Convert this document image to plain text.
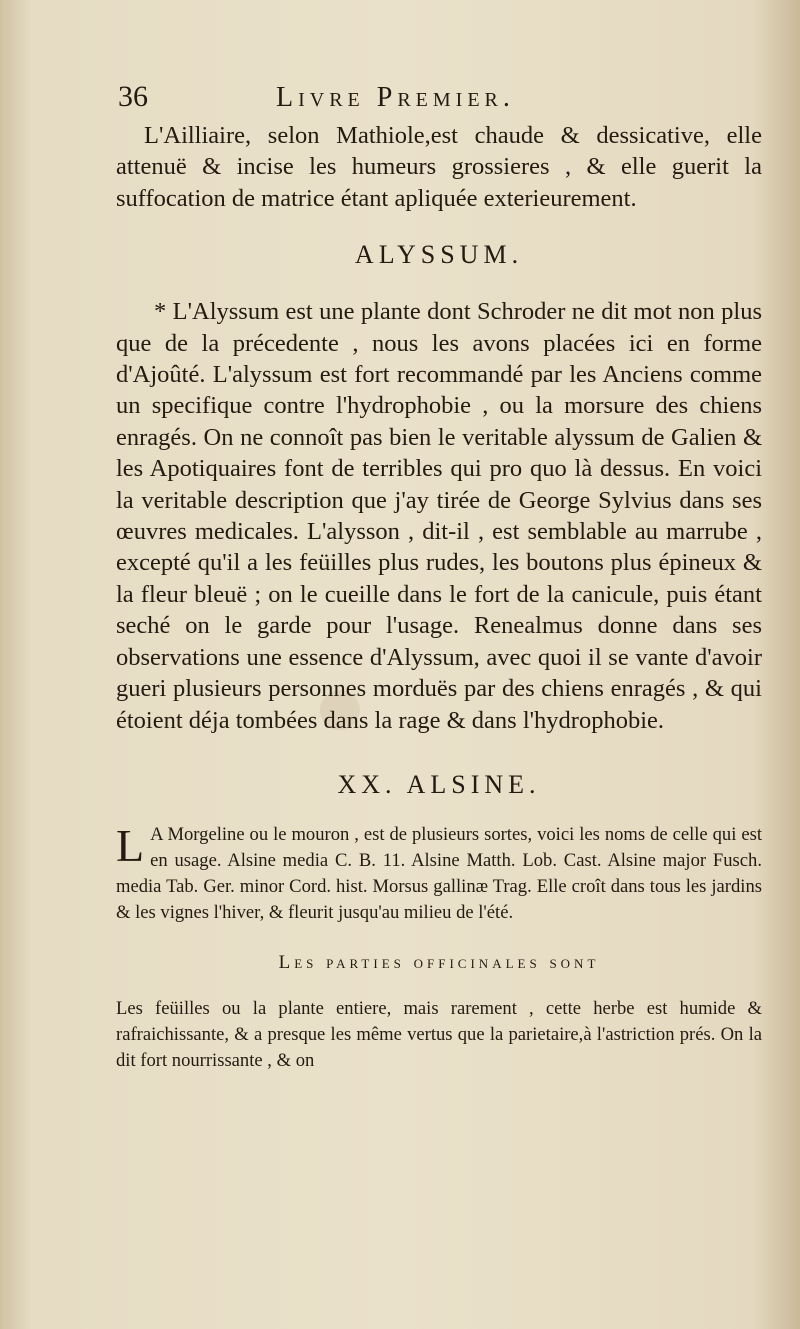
36	Livre Premier.

L'Ailliaire, selon Mathiole,est chaude & dessicative, elle attenuë & incise les humeurs grossieres , & elle guerit la suffocation de matrice étant apliquée exterieurement.

ALYSSUM.

* L'Alyssum est une plante dont Schroder ne dit mot non plus que de la précedente , nous les avons placées ici en forme d'Ajoûté. L'alyssum est fort recommandé par les Anciens comme un specifique contre l'hydrophobie , ou la morsure des chiens enragés. On ne connoît pas bien le veritable alyssum de Galien & les Apotiquaires font de terribles qui pro quo là dessus. En voici la veritable description que j'ay tirée de George Sylvius dans ses œuvres medicales. L'alysson , dit-il , est semblable au marrube , excepté qu'il a les feüilles plus rudes, les boutons plus épineux & la fleur bleuë ; on le cueille dans le fort de la canicule, puis étant seché on le garde pour l'usage. Renealmus donne dans ses observations une essence d'Alyssum, avec quoi il se vante d'avoir gueri plusieurs personnes morduës par des chiens enragés , & qui étoient déja tombées dans la rage & dans l'hydrophobie.

XX. ALSINE.

L A Morgeline ou le mouron , est de plusieurs sortes, voici les noms de celle qui est en usage. Alsine media C. B. 11. Alsine Matth. Lob. Cast. Alsine major Fusch. media Tab. Ger. minor Cord. hist. Morsus gallinæ Trag. Elle croît dans tous les jardins & les vignes l'hiver, & fleurit jusqu'au milieu de l'été.

Les parties officinales sont

Les feüilles ou la plante entiere, mais rarement , cette herbe est humide & rafraichissante, & a presque les même vertus que la parietaire,à l'astriction prés. On la dit fort nourrissante , & on
